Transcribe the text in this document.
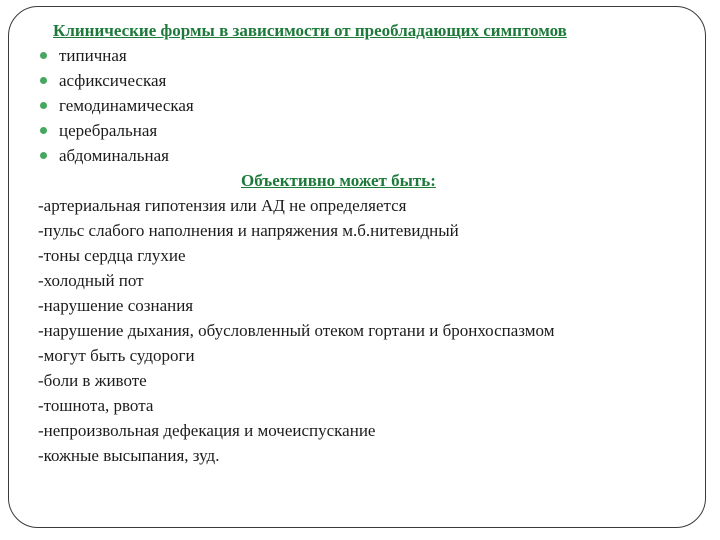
Клинические формы в зависимости от преобладающих симптомов
типичная
асфиксическая
гемодинамическая
церебральная
абдоминальная
Объективно может быть:
-артериальная гипотензия или АД не определяется
-пульс слабого наполнения и напряжения м.б.нитевидный
-тоны сердца глухие
-холодный пот
-нарушение сознания
-нарушение дыхания, обусловленный отеком гортани и бронхоспазмом
-могут быть судороги
-боли в животе
-тошнота, рвота
-непроизвольная дефекация и мочеиспускание
-кожные высыпания, зуд.
